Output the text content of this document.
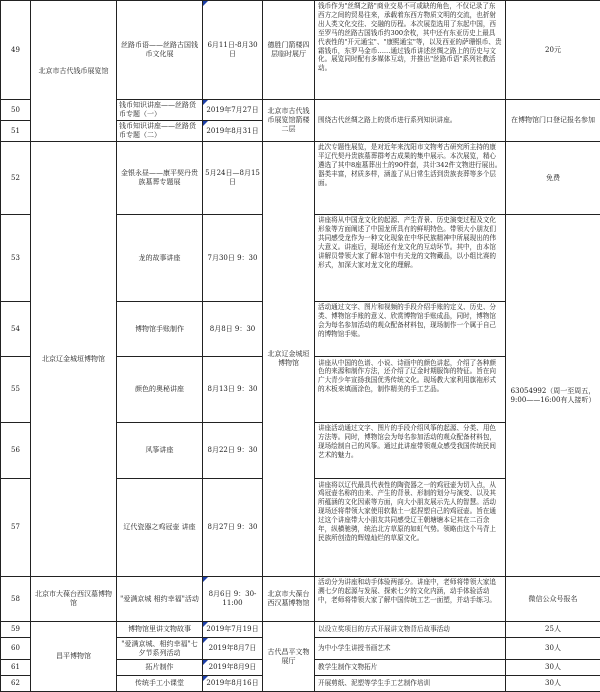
49	北京市古代钱币展览馆	丝路币语——丝路古国钱币文化展	6月11日-8月30日	德胜门箭楼四层临时展厅	钱币作为"丝绸之路"商业交易不可或缺的角色，不仅记录了东西方之间的贸易往来，承载着东西方物质文明的交流，也折射出人类文化交往、交融的历程。本次展览选用了东起中国，西至罗马的丝路古国钱币约300余枚，其中还有东亚历史上最具代表性的"开元通宝"、"康熙通宝"等，以及西亚的萨珊银币、贵霜钱币，东罗马金币……通过钱币讲述丝绸之路上的历史与文化。展览同时配有多媒体互动，并推出"丝路币语"系列社教活动。	20元
50		钱币知识讲座——丝路货币专题（一）	2019年7月27日	北京市古代钱币展览馆箭楼二层	围绕古代丝绸之路上的货币进行系列知识讲座。	在博物馆门口登记报名参加
51		钱币知识讲座——丝路货币专题（二）	2019年8月31日			
52	北京辽金城垣博物馆	金银永昼——康平契丹贵族墓葬专题展	5月24日—8月15日	北京辽金城垣博物馆	此次专题性展览，是对近年来沈阳市文物考古研究所主持的康平辽代契丹贵族墓葬群考古成果的集中展示。本次展览，精心遴选了其中8座墓葬出土的90件套，共计342件文物进行展出。器类丰富，材质多样，涵盖了从日常生活到贵族丧葬等多个层面。	免费
53		龙的故事讲座	7月30日 9：30		讲座将从中国龙文化的起源、产生背景、历史演变过程及文化形象等方面阐述了中国龙所具有的鲜明特色。带领大小朋友们共同感受龙作为一种文化现象在中华民族精神中所展现出的伟大意义。讲座后，现场还有龙文化的互动环节。其中，由本馆讲解员带领大家了解本馆中有关龙的文物藏品，以小组比赛的形式，加深大家对龙文化的理解。	63054992（周一至周五，9:00——16:00有人接听）
54		博物馆手账制作	8月8日 9：30		活动通过文字、图片和视频的手段介绍手账的定义、历史、分类、博物馆手账的意义、欣赏博物馆手账成品，同时，博物馆会为每名参加活动的观众配备材料包，现场制作一个属于自己的博物馆手账。	

55		颜色的奥秘讲座	8月13日 9：30		讲座从中国的色谱、小说、诗画中的颜色讲起，介绍了各种颜色的来源和制作方法，还介绍了辽金时期服饰的特征。旨在向广大青少年宣扬我国优秀传统文化。现场教大家利用旗袍形式的木板来填画涂色，制作精美的手工艺品。	

56		风筝讲座	8月22日 9：30		讲座活动通过文字、图片的手段介绍风筝的起源、分类、用色方法等。同时，博物馆会为每名参加活动的观众配备材料包，现场绘制自己的风筝。通过此讲座带领观众感受我国传统民间艺术的魅力。	

57		辽代瓷器之鸡冠壶 讲座	8月27日 9：30		讲座将以辽代最具代表性的陶瓷器之一的鸡冠壶为切入点，从鸡冠壶名称的由来、产生的背景、形制的划分与演变、以及其所蕴涵的文化因素等方面，向大小朋友展示先人的智慧。活动现场还将带领大家使用软黏土一起捏塑自己的鸡冠壶。旨在通过这个讲座带大小朋友共同感受辽王朝塘塘本记其在二百余年，纵横驰骋，统治北方草原的如虹气势。领略由这个马背上民族所创造的辉煌灿烂的草原文化。	

58	北京市大葆台西汉墓博物馆	"爱满京城 相约幸福"活动	8月6日 9：30-11:00	北京市大葆台西汉墓博物馆	活动分为讲座和动手体验两部分。讲座中，老师将带领大家追溯七夕的起源与发展、探索七夕的文化内涵，动手体验活动中，老师将带领大家了解中国传统工艺一面塑，并动手练习。	微信公众号报名
59	昌平博物馆	博物馆里讲文物故事	2019年7月19日	古代昌平文物展厅	以设立奖项目的方式开展讲文物背后故事活动	25人
60		"爱满京城、相约幸福"七夕节系列活动	2019年8月7日		为中小学生讲授书画艺术	30人
61		拓片制作	2019年8月9日		教学生制作文物拓片	30人
62		传统手工小课堂	2019年8月16日		开展剪纸、泥塑等学生手工艺制作培训	30人
